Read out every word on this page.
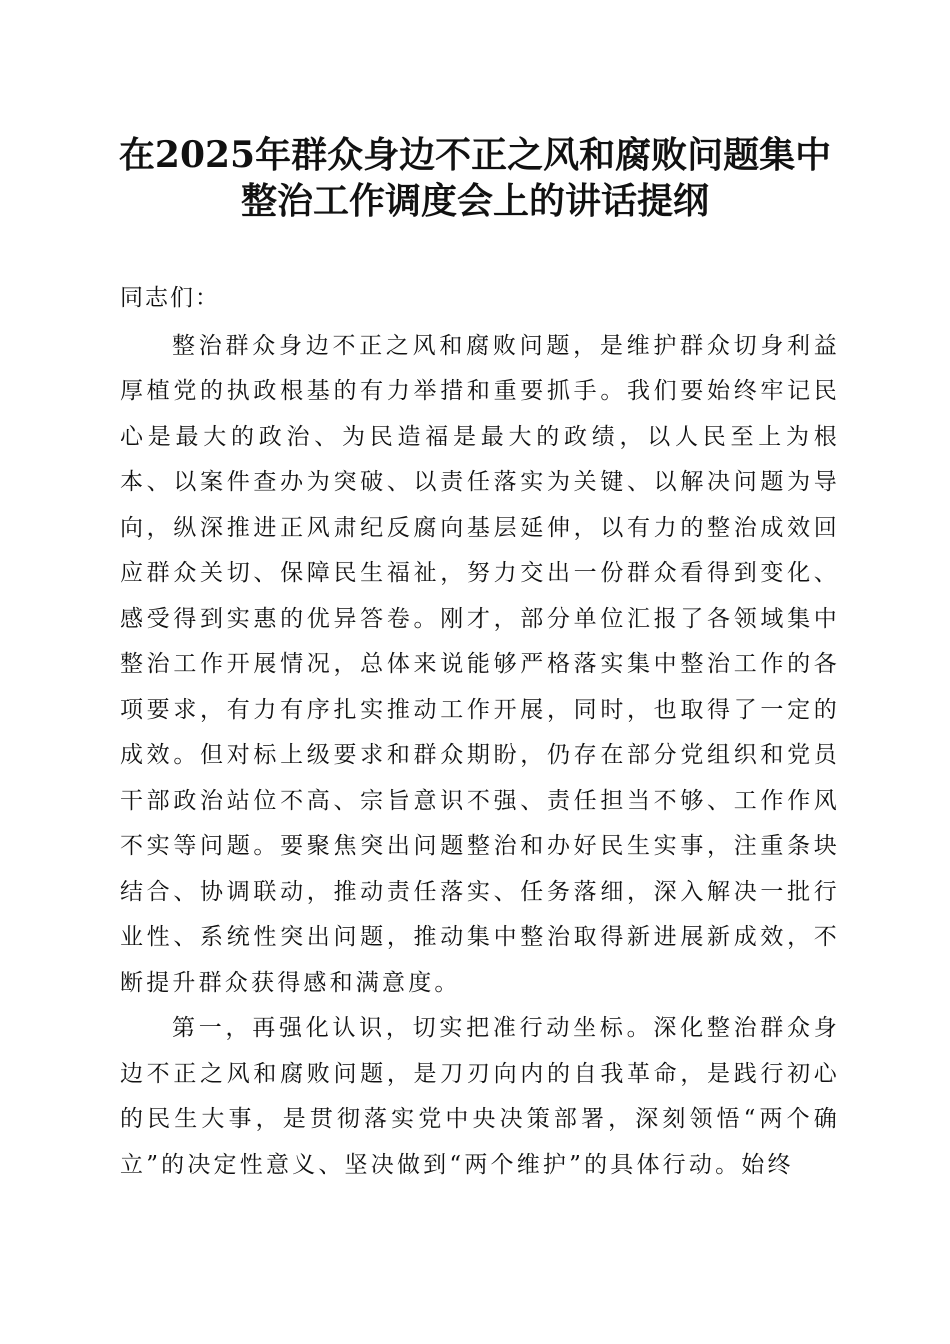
在2025年群众身边不正之风和腐败问题集中
整治工作调度会上的讲话提纲

同志们：

整治群众身边不正之风和腐败问题，是维护群众切身利益厚植党的执政根基的有力举措和重要抓手。我们要始终牢记民心是最大的政治、为民造福是最大的政绩，以人民至上为根本、以案件查办为突破、以责任落实为关键、以解决问题为导向，纵深推进正风肃纪反腐向基层延伸，以有力的整治成效回应群众关切、保障民生福祉，努力交出一份群众看得到变化、感受得到实惠的优异答卷。刚才，部分单位汇报了各领域集中整治工作开展情况，总体来说能够严格落实集中整治工作的各项要求，有力有序扎实推动工作开展，同时，也取得了一定的成效。但对标上级要求和群众期盼，仍存在部分党组织和党员干部政治站位不高、宗旨意识不强、责任担当不够、工作作风不实等问题。要聚焦突出问题整治和办好民生实事，注重条块结合、协调联动，推动责任落实、任务落细，深入解决一批行业性、系统性突出问题，推动集中整治取得新进展新成效，不断提升群众获得感和满意度。

第一，再强化认识，切实把准行动坐标。深化整治群众身边不正之风和腐败问题，是刀刃向内的自我革命，是践行初心的民生大事，是贯彻落实党中央决策部署，深刻领悟“两个确立”的决定性意义、坚决做到“两个维护”的具体行动。始终
